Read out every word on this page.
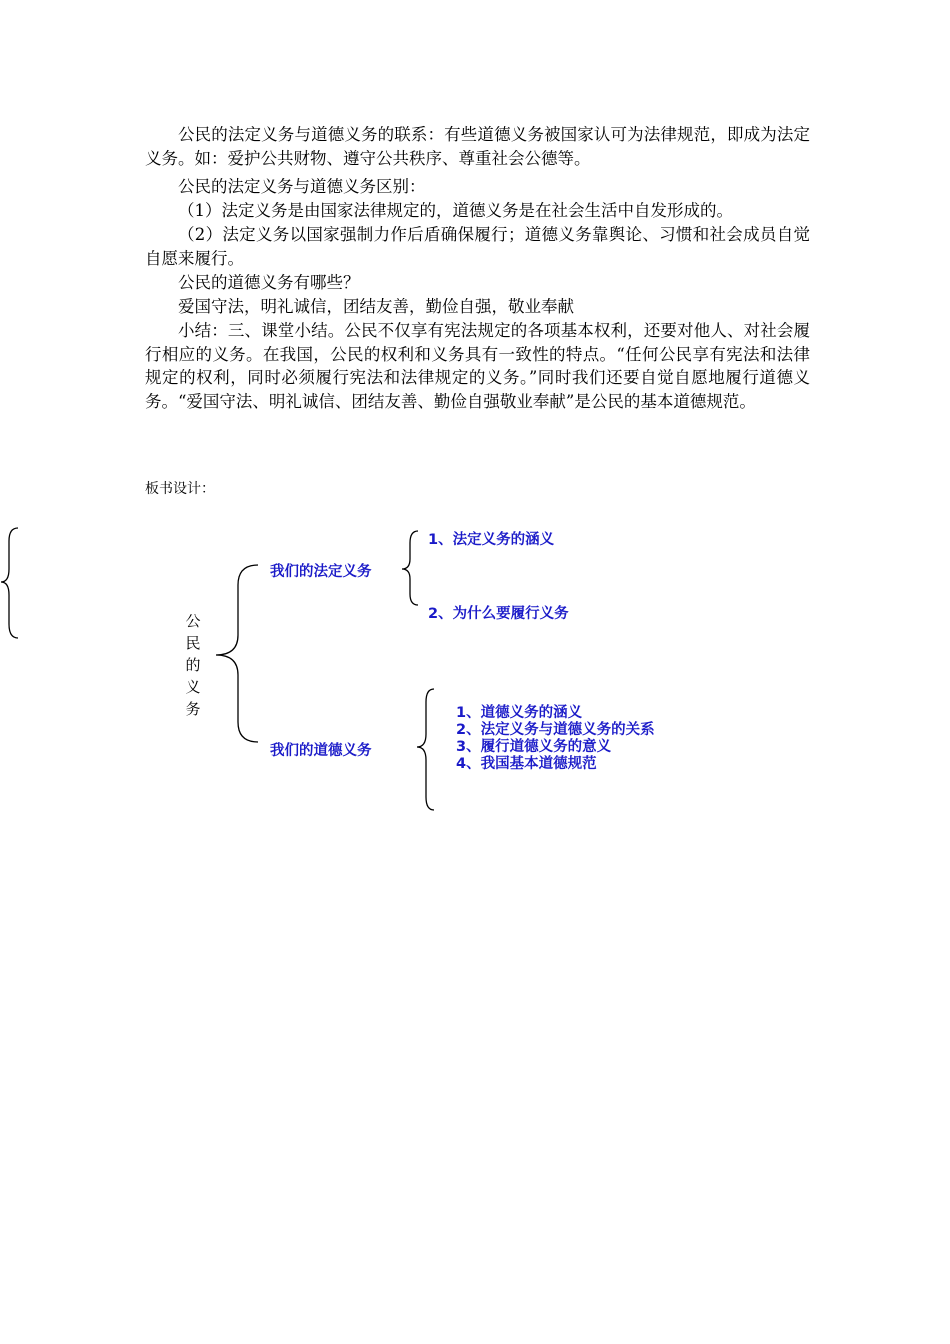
公民的法定义务与道德义务的联系：有些道德义务被国家认可为法律规范，即成为法定义务。如：爱护公共财物、遵守公共秩序、尊重社会公德等。

公民的法定义务与道德义务区别：

（1）法定义务是由国家法律规定的，道德义务是在社会生活中自发形成的。

（2）法定义务以国家强制力作后盾确保履行；道德义务靠舆论、习惯和社会成员自觉自愿来履行。

公民的道德义务有哪些？

爱国守法，明礼诚信，团结友善，勤俭自强，敬业奉献

小结：三、课堂小结。公民不仅享有宪法规定的各项基本权利，还要对他人、对社会履行相应的义务。在我国，公民的权利和义务具有一致性的特点。“任何公民享有宪法和法律规定的权利，同时必须履行宪法和法律规定的义务。”同时我们还要自觉自愿地履行道德义务。“爱国守法、明礼诚信、团结友善、勤俭自强敬业奉献”是公民的基本道德规范。

板书设计：
公
民
的
义
务
我们的法定义务
1、法定义务的涵义
2、为什么要履行义务
我们的道德义务
1、道德义务的涵义
2、法定义务与道德义务的关系
3、履行道德义务的意义
4、我国基本道德规范
